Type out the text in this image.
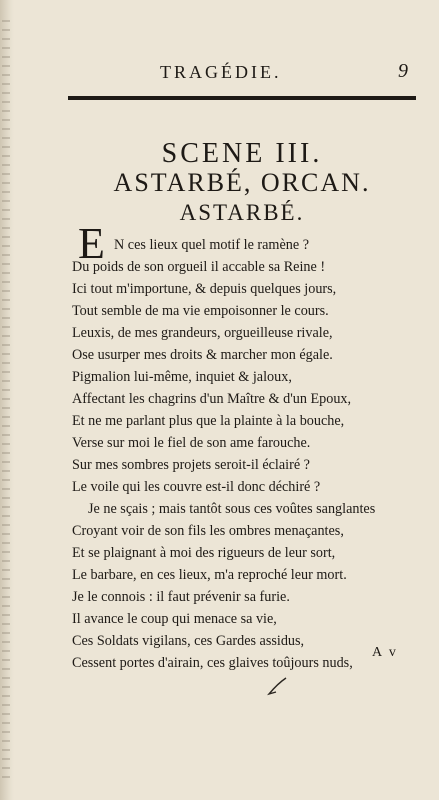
TRAGÉDIE.	9
SCENE III.
ASTARBÉ, ORCAN.
ASTARBÉ.
E N ces lieux quel motif le ramène ?
Du poids de son orgueil il accable sa Reine !
Ici tout m'importune, & depuis quelques jours,
Tout semble de ma vie empoisonner le cours.
Leuxis, de mes grandeurs, orgueilleuse rivale,
Ose usurper mes droits & marcher mon égale.
Pigmalion lui-même, inquiet & jaloux,
Affectant les chagrins d'un Maître & d'un Epoux,
Et ne me parlant plus que la plainte à la bouche,
Verse sur moi le fiel de son ame farouche.
Sur mes sombres projets seroit-il éclairé ?
Le voile qui les couvre est-il donc déchiré ?
Je ne sçais ; mais tantôt sous ces voûtes sanglantes
Croyant voir de son fils les ombres menaçantes,
Et se plaignant à moi des rigueurs de leur sort,
Le barbare, en ces lieux, m'a reproché leur mort.
Je le connois : il faut prévenir sa furie.
Il avance le coup qui menace sa vie,
Ces Soldats vigilans, ces Gardes assidus,
Cessent portes d'airain, ces glaives toûjours nuds,
A v
